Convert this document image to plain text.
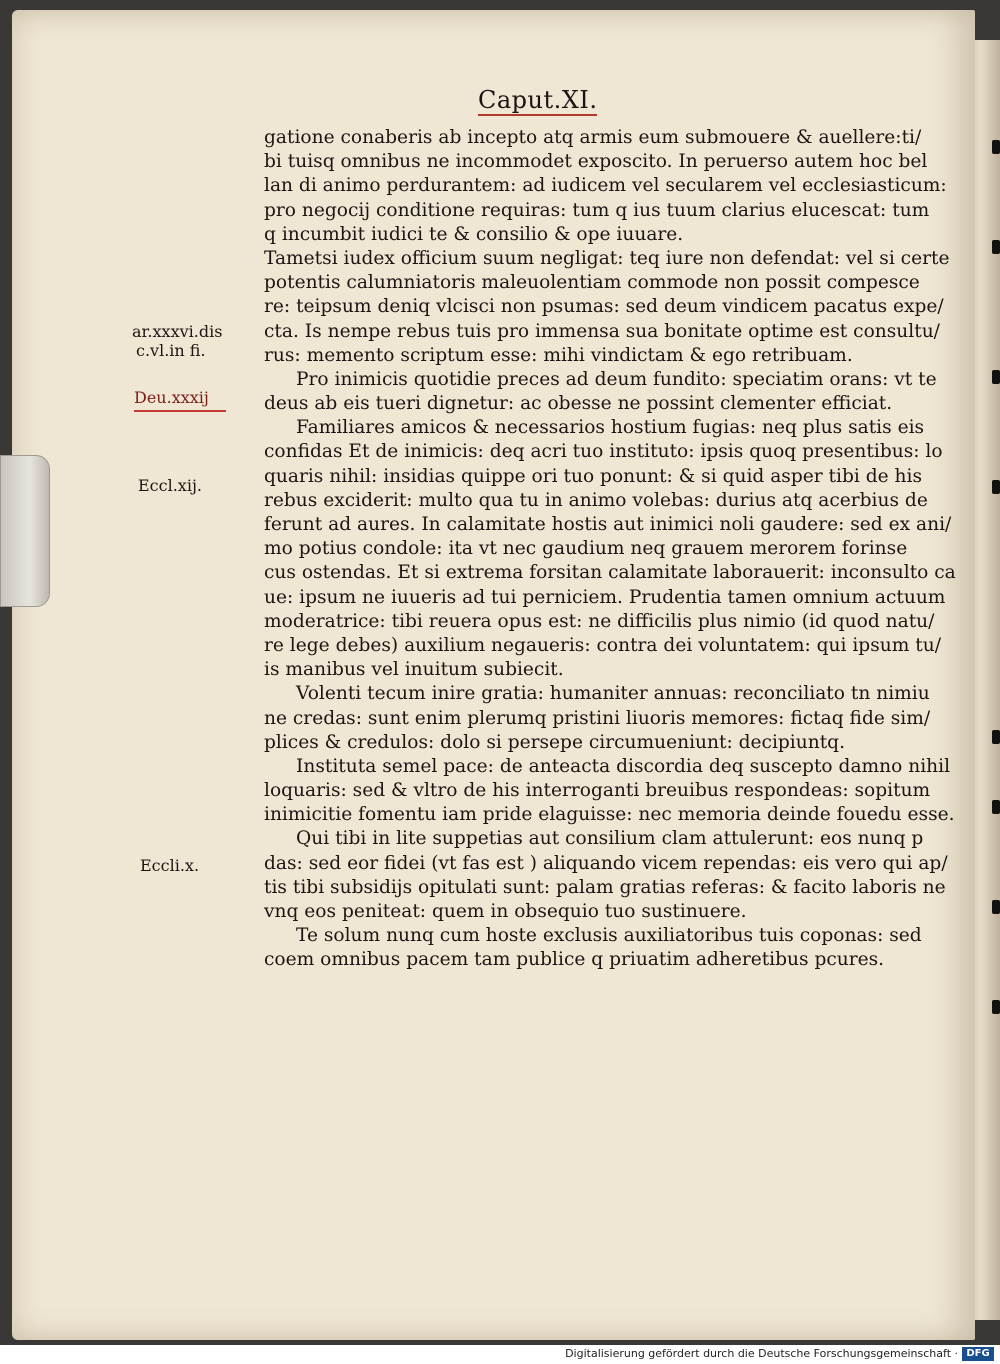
Caput.XI.
gatione conaberis ab incepto atq armis eum submouere & auellere:ti/
bi tuisq omnibus ne incommodet exposcito. In peruerso autem hoc bel
lan di animo perdurantem: ad iudicem vel secularem vel ecclesiasticum:
pro negocij conditione requiras: tum q ius tuum clarius elucescat: tum
q incumbit iudici te & consilio & ope iuuare.
Tametsi iudex officium suum negligat: teq iure non defendat: vel si certe
potentis calumniatoris maleuolentiam commode non possit compesce
re: teipsum deniq vlcisci non psumas: sed deum vindicem pacatus expe/
cta. Is nempe rebus tuis pro immensa sua bonitate optime est consultu/
rus: memento scriptum esse: mihi vindictam & ego retribuam.
Pro inimicis quotidie preces ad deum fundito: speciatim orans: vt te
deus ab eis tueri dignetur: ac obesse ne possint clementer efficiat.
Familiares amicos & necessarios hostium fugias: neq plus satis eis
confidas Et de inimicis: deq acri tuo instituto: ipsis quoq presentibus: lo
quaris nihil: insidias quippe ori tuo ponunt: & si quid asper tibi de his
rebus exciderit: multo qua tu in animo volebas: durius atq acerbius de
ferunt ad aures. In calamitate hostis aut inimici noli gaudere: sed ex ani/
mo potius condole: ita vt nec gaudium neq grauem merorem forinse
cus ostendas. Et si extrema forsitan calamitate laborauerit: inconsulto ca
ue: ipsum ne iuueris ad tui perniciem. Prudentia tamen omnium actuum
moderatrice: tibi reuera opus est: ne difficilis plus nimio (id quod natu/
re lege debes) auxilium negaueris: contra dei voluntatem: qui ipsum tu/
is manibus vel inuitum subiecit.
Volenti tecum inire gratia: humaniter annuas: reconciliato tn nimiu
ne credas: sunt enim plerumq pristini liuoris memores: fictaq fide sim/
plices & credulos: dolo si persepe circumueniunt: decipiuntq.
Instituta semel pace: de anteacta discordia deq suscepto damno nihil
loquaris: sed & vltro de his interroganti breuibus respondeas: sopitum
inimicitie fomentu iam pride elaguisse: nec memoria deinde fouedu esse.
Qui tibi in lite suppetias aut consilium clam attulerunt: eos nunq p
das: sed eor fidei (vt fas est ) aliquando vicem rependas: eis vero qui ap/
tis tibi subsidijs opitulati sunt: palam gratias referas: & facito laboris ne
vnq eos peniteat: quem in obsequio tuo sustinuere.
Te solum nunq cum hoste exclusis auxiliatoribus tuis coponas: sed
coem omnibus pacem tam publice q priuatim adheretibus pcures.
ar.xxxvi.dis
c.vl.in fi.
Deu.xxxij
Eccl.xij.
Eccli.x.
Digitalisierung gefördert durch die Deutsche Forschungsgemeinschaft · DFG
